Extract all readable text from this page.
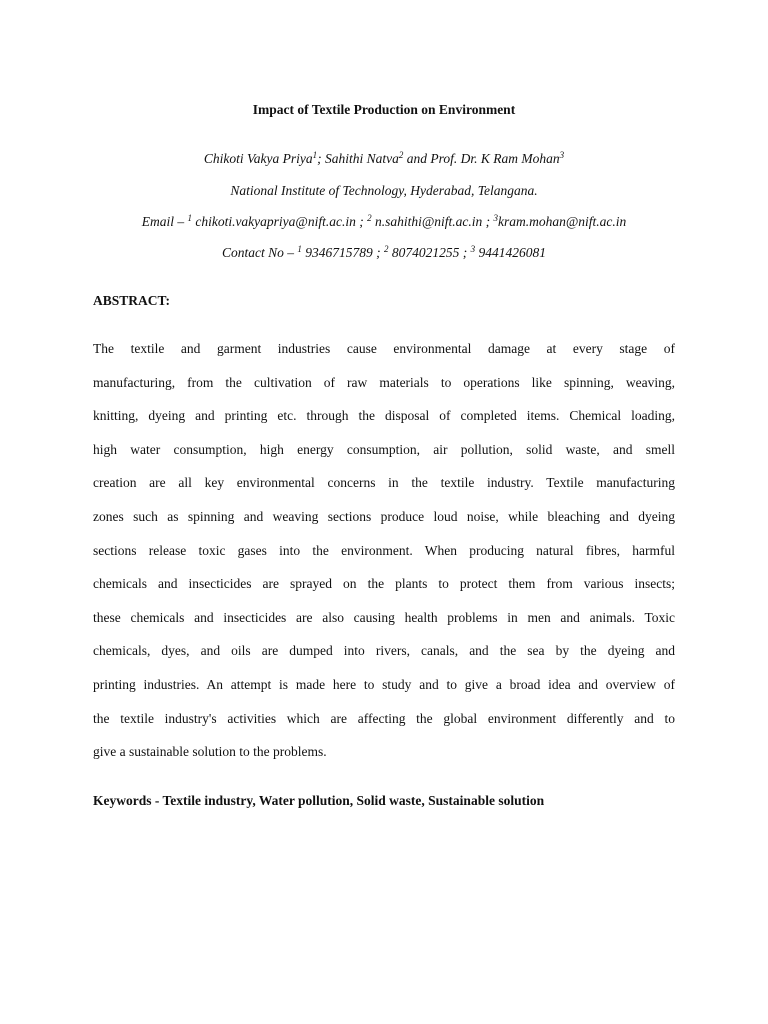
Impact of Textile Production on Environment
Chikoti Vakya Priya$^1$; Sahithi Natva$^2$ and Prof. Dr. K Ram Mohan$^3$
National Institute of Technology, Hyderabad, Telangana.
Email – $^1$ chikoti.vakyapriya@nift.ac.in ; $^2$ n.sahithi@nift.ac.in ; $^3$kram.mohan@nift.ac.in
Contact No – $^1$ 9346715789 ; $^2$ 8074021255 ; $^3$ 9441426081
ABSTRACT:
The textile and garment industries cause environmental damage at every stage of
manufacturing, from the cultivation of raw materials to operations like spinning, weaving,
knitting, dyeing and printing etc. through the disposal of completed items. Chemical loading,
high water consumption, high energy consumption, air pollution, solid waste, and smell
creation are all key environmental concerns in the textile industry. Textile manufacturing
zones such as spinning and weaving sections produce loud noise, while bleaching and dyeing
sections release toxic gases into the environment. When producing natural fibres, harmful
chemicals and insecticides are sprayed on the plants to protect them from various insects;
these chemicals and insecticides are also causing health problems in men and animals. Toxic
chemicals, dyes, and oils are dumped into rivers, canals, and the sea by the dyeing and
printing industries. An attempt is made here to study and to give a broad idea and overview of
the textile industry's activities which are affecting the global environment differently and to
give a sustainable solution to the problems.
Keywords - Textile industry, Water pollution, Solid waste, Sustainable solution
